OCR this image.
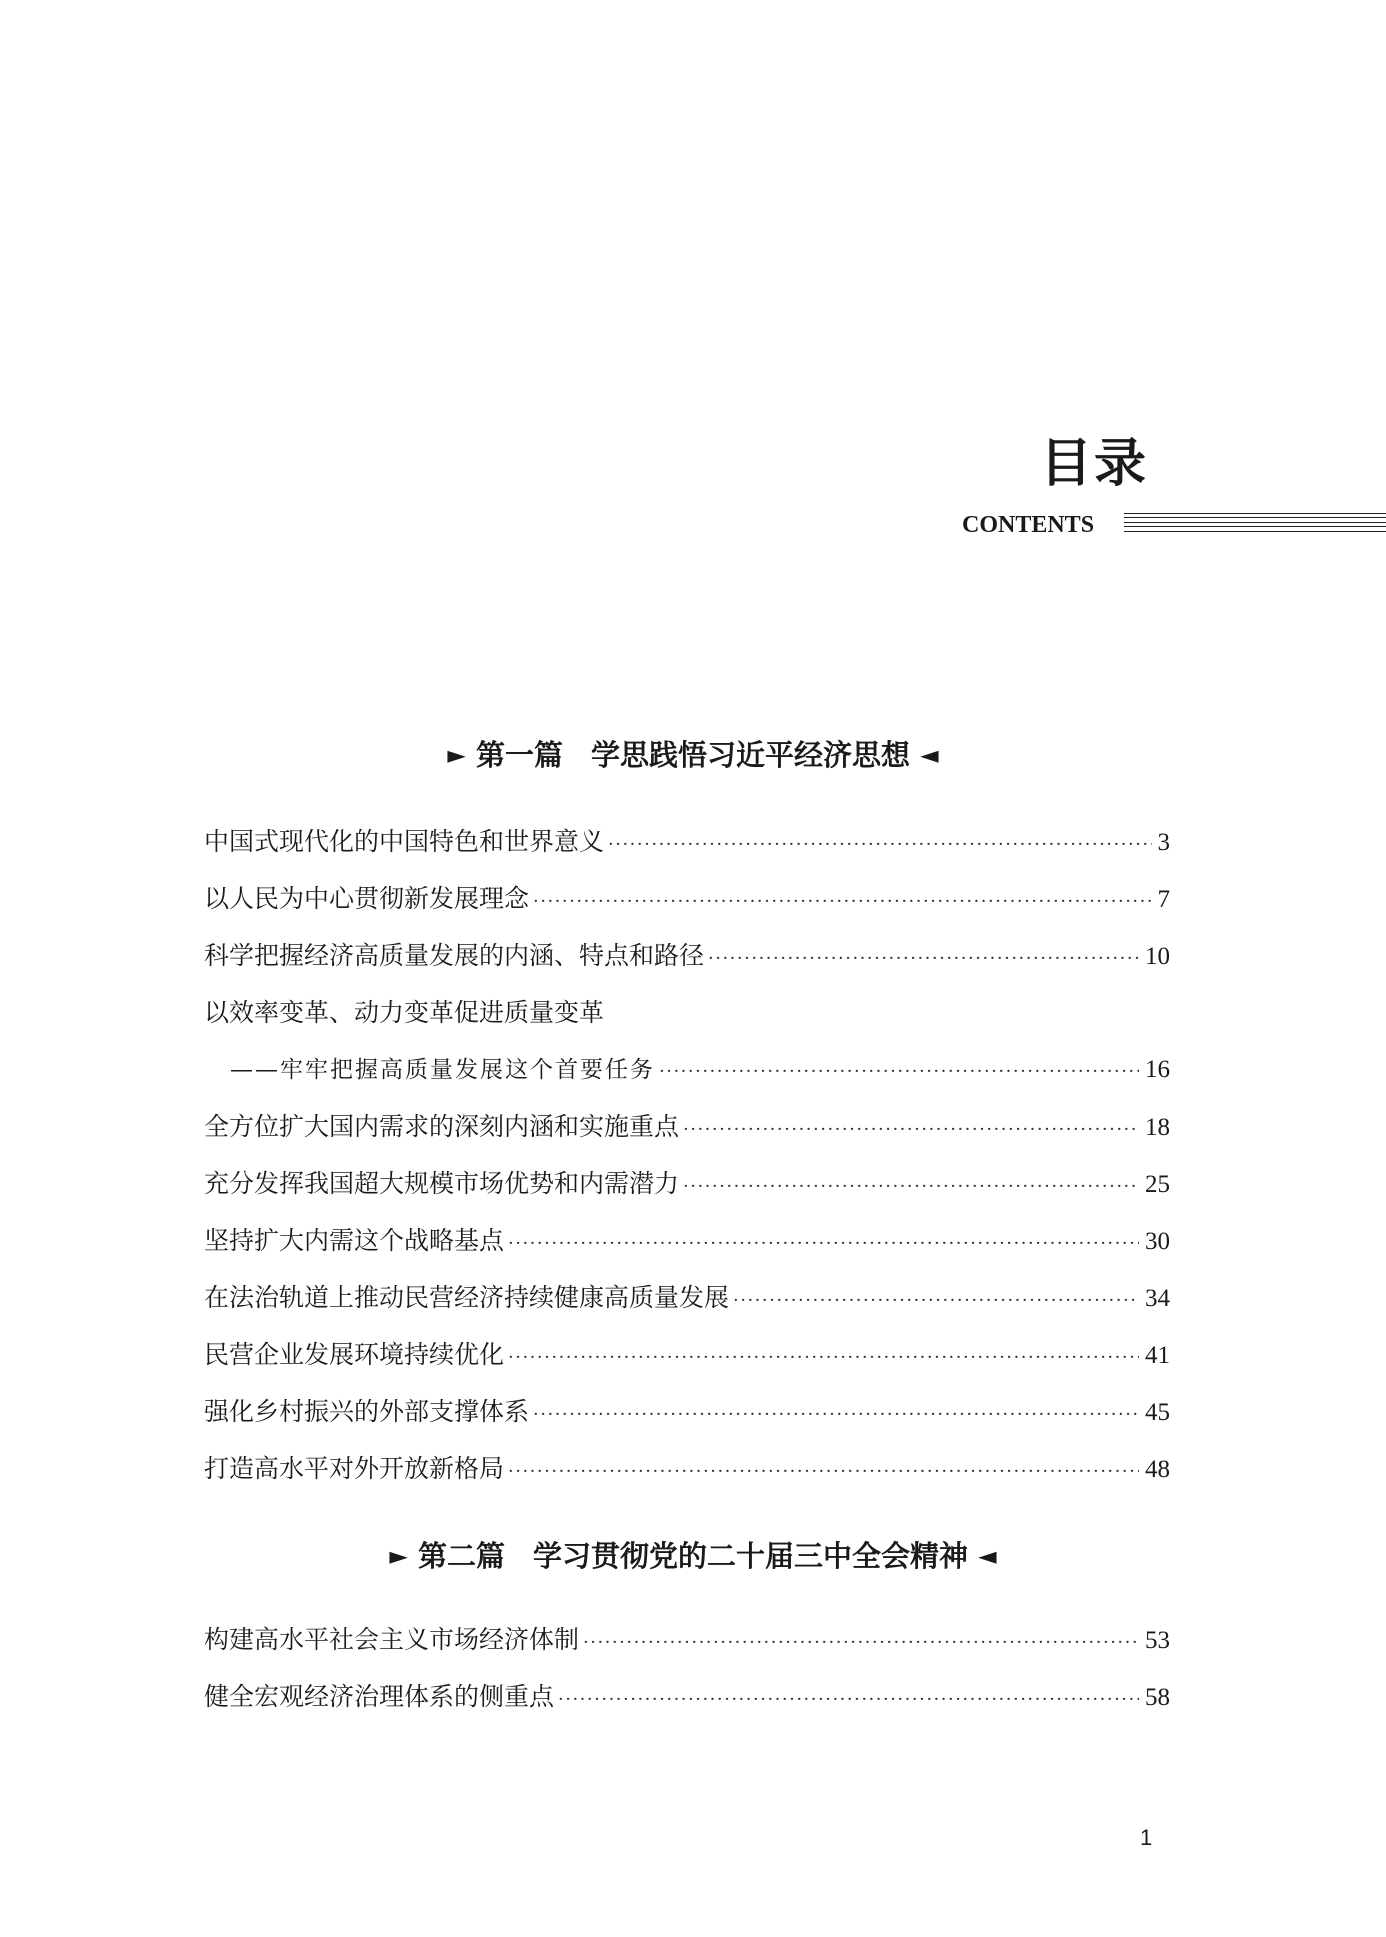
目录
CONTENTS
► 第一篇 学思践悟习近平经济思想 ◄
中国式现代化的中国特色和世界意义 ·····	3
以人民为中心贯彻新发展理念 ·····	7
科学把握经济高质量发展的内涵、特点和路径 ·····	10
以效率变革、动力变革促进质量变革
——牢牢把握高质量发展这个首要任务 ·····	16
全方位扩大国内需求的深刻内涵和实施重点 ·····	18
充分发挥我国超大规模市场优势和内需潜力 ·····	25
坚持扩大内需这个战略基点 ·····	30
在法治轨道上推动民营经济持续健康高质量发展 ·····	34
民营企业发展环境持续优化 ·····	41
强化乡村振兴的外部支撑体系 ·····	45
打造高水平对外开放新格局 ·····	48
► 第二篇 学习贯彻党的二十届三中全会精神 ◄
构建高水平社会主义市场经济体制 ·····	53
健全宏观经济治理体系的侧重点 ·····	58
1
